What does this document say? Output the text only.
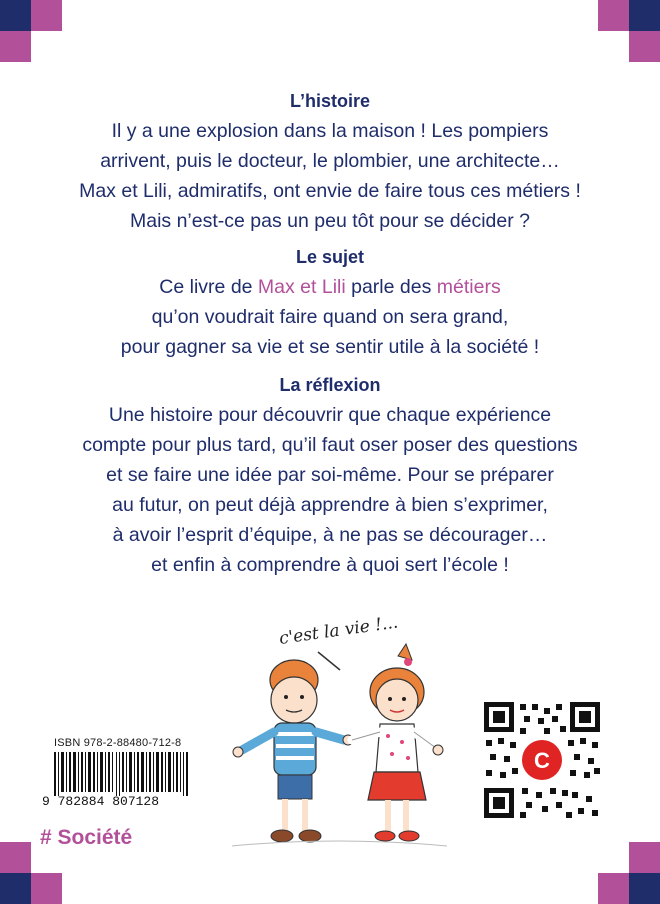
L’histoire

Il y a une explosion dans la maison ! Les pompiers
arrivent, puis le docteur, le plombier, une architecte…
Max et Lili, admiratifs, ont envie de faire tous ces métiers !
Mais n’est-ce pas un peu tôt pour se décider ?

Le sujet

Ce livre de Max et Lili parle des métiers
qu’on voudrait faire quand on sera grand,
pour gagner sa vie et se sentir utile à la société !

La réflexion

Une histoire pour découvrir que chaque expérience
compte pour plus tard, qu’il faut oser poser des questions
et se faire une idée par soi-même. Pour se préparer
au futur, on peut déjà apprendre à bien s’exprimer,
à avoir l’esprit d’équipe, à ne pas se décourager…
et enfin à comprendre à quoi sert l’école !

c'est la vie !...
ISBN 978-2-88480-712-8
9 782884 807128
# Société
C
